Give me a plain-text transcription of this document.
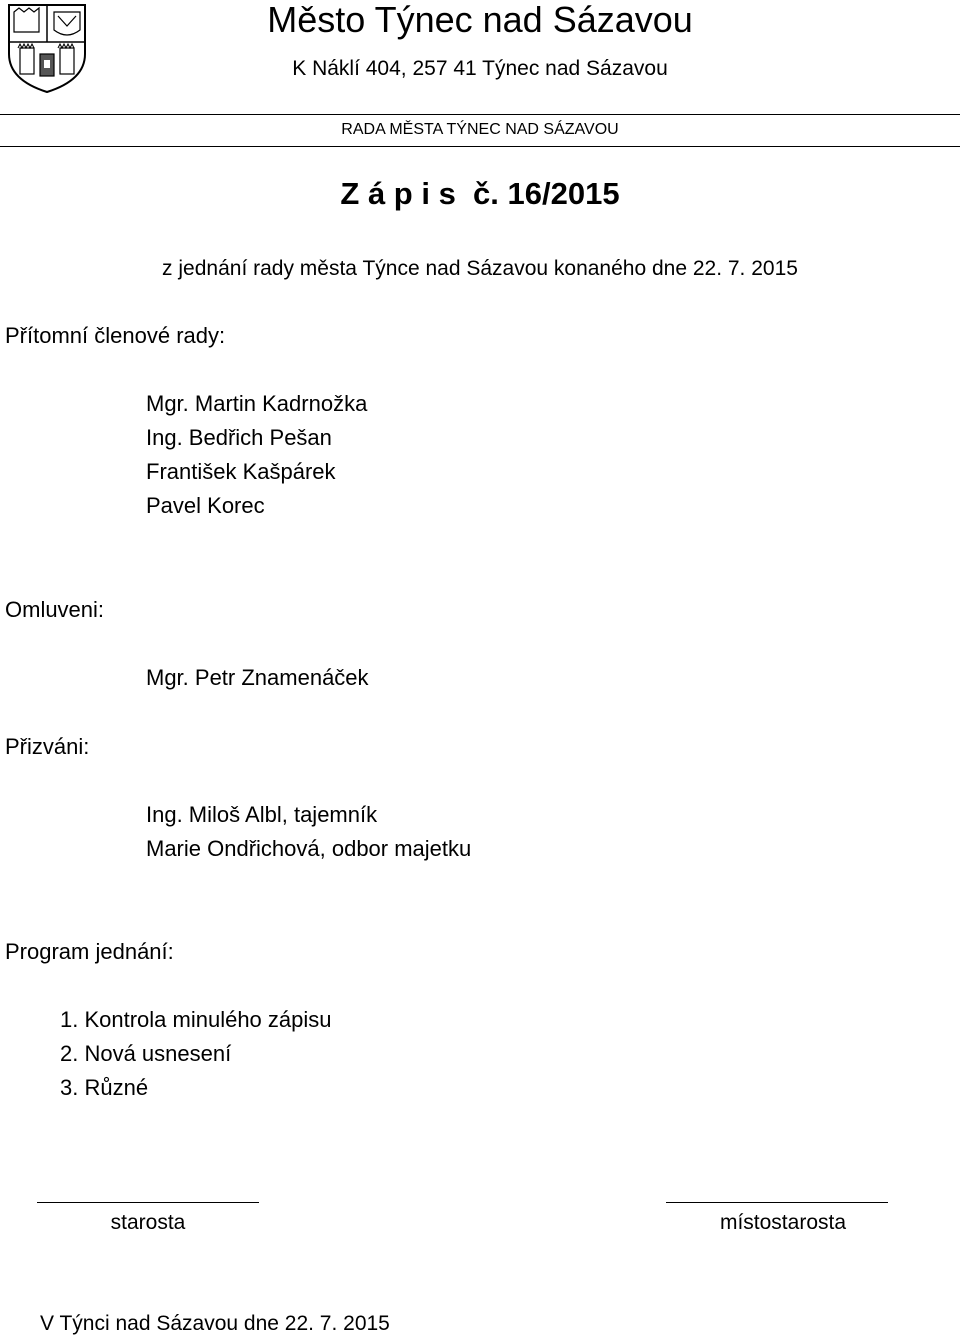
Město Týnec nad Sázavou
K Náklí 404, 257 41 Týnec nad Sázavou
RADA MĚSTA TÝNEC NAD SÁZAVOU
Z á p i s  č. 16/2015
z jednání rady města Týnce nad Sázavou konaného dne 22. 7. 2015
Přítomní členové rady:
Mgr. Martin Kadrnožka
Ing. Bedřich Pešan
František Kašpárek
Pavel Korec
Omluveni:
Mgr. Petr Znamenáček
Přizváni:
Ing. Miloš Albl, tajemník
Marie Ondřichová, odbor majetku
Program jednání:
1. Kontrola minulého zápisu
2. Nová usnesení
3. Různé
starosta	místostarosta
V Týnci nad Sázavou dne 22. 7. 2015
